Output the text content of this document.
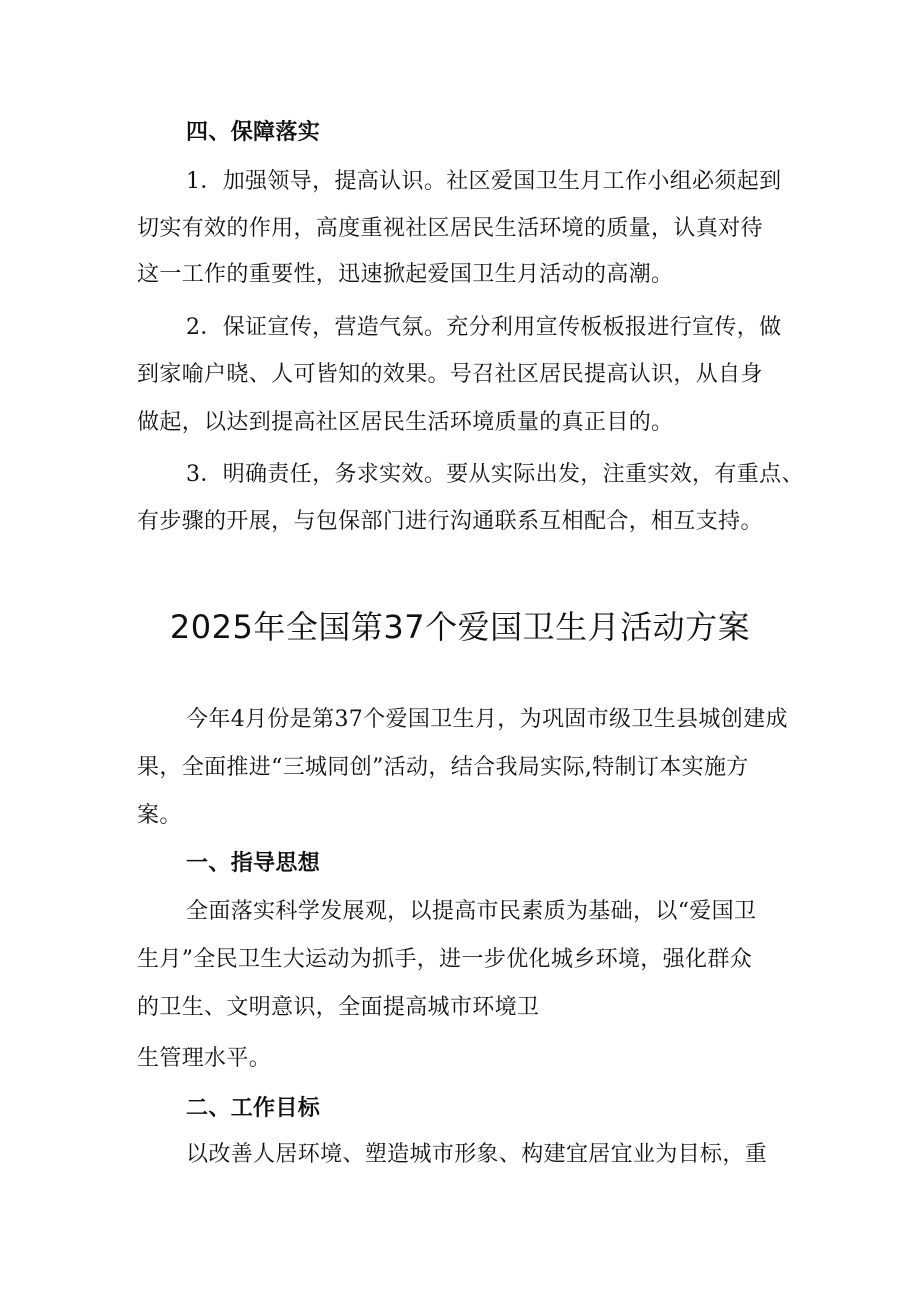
四、保障落实
1．加强领导，提高认识。社区爱国卫生月工作小组必须起到
切实有效的作用，高度重视社区居民生活环境的质量，认真对待
这一工作的重要性，迅速掀起爱国卫生月活动的高潮。
2．保证宣传，营造气氛。充分利用宣传板板报进行宣传，做
到家喻户晓、人可皆知的效果。号召社区居民提高认识，从自身
做起，以达到提高社区居民生活环境质量的真正目的。
3．明确责任，务求实效。要从实际出发，注重实效，有重点、
有步骤的开展，与包保部门进行沟通联系互相配合，相互支持。
2025年全国第37个爱国卫生月活动方案
今年4月份是第37个爱国卫生月，为巩固市级卫生县城创建成
果，全面推进“三城同创”活动，结合我局实际,特制订本实施方
案。
一、指导思想
全面落实科学发展观，以提高市民素质为基础，以“爱国卫
生月”全民卫生大运动为抓手，进一步优化城乡环境，强化群众
的卫生、文明意识，全面提高城市环境卫
生管理水平。
二、工作目标
以改善人居环境、塑造城市形象、构建宜居宜业为目标，重
